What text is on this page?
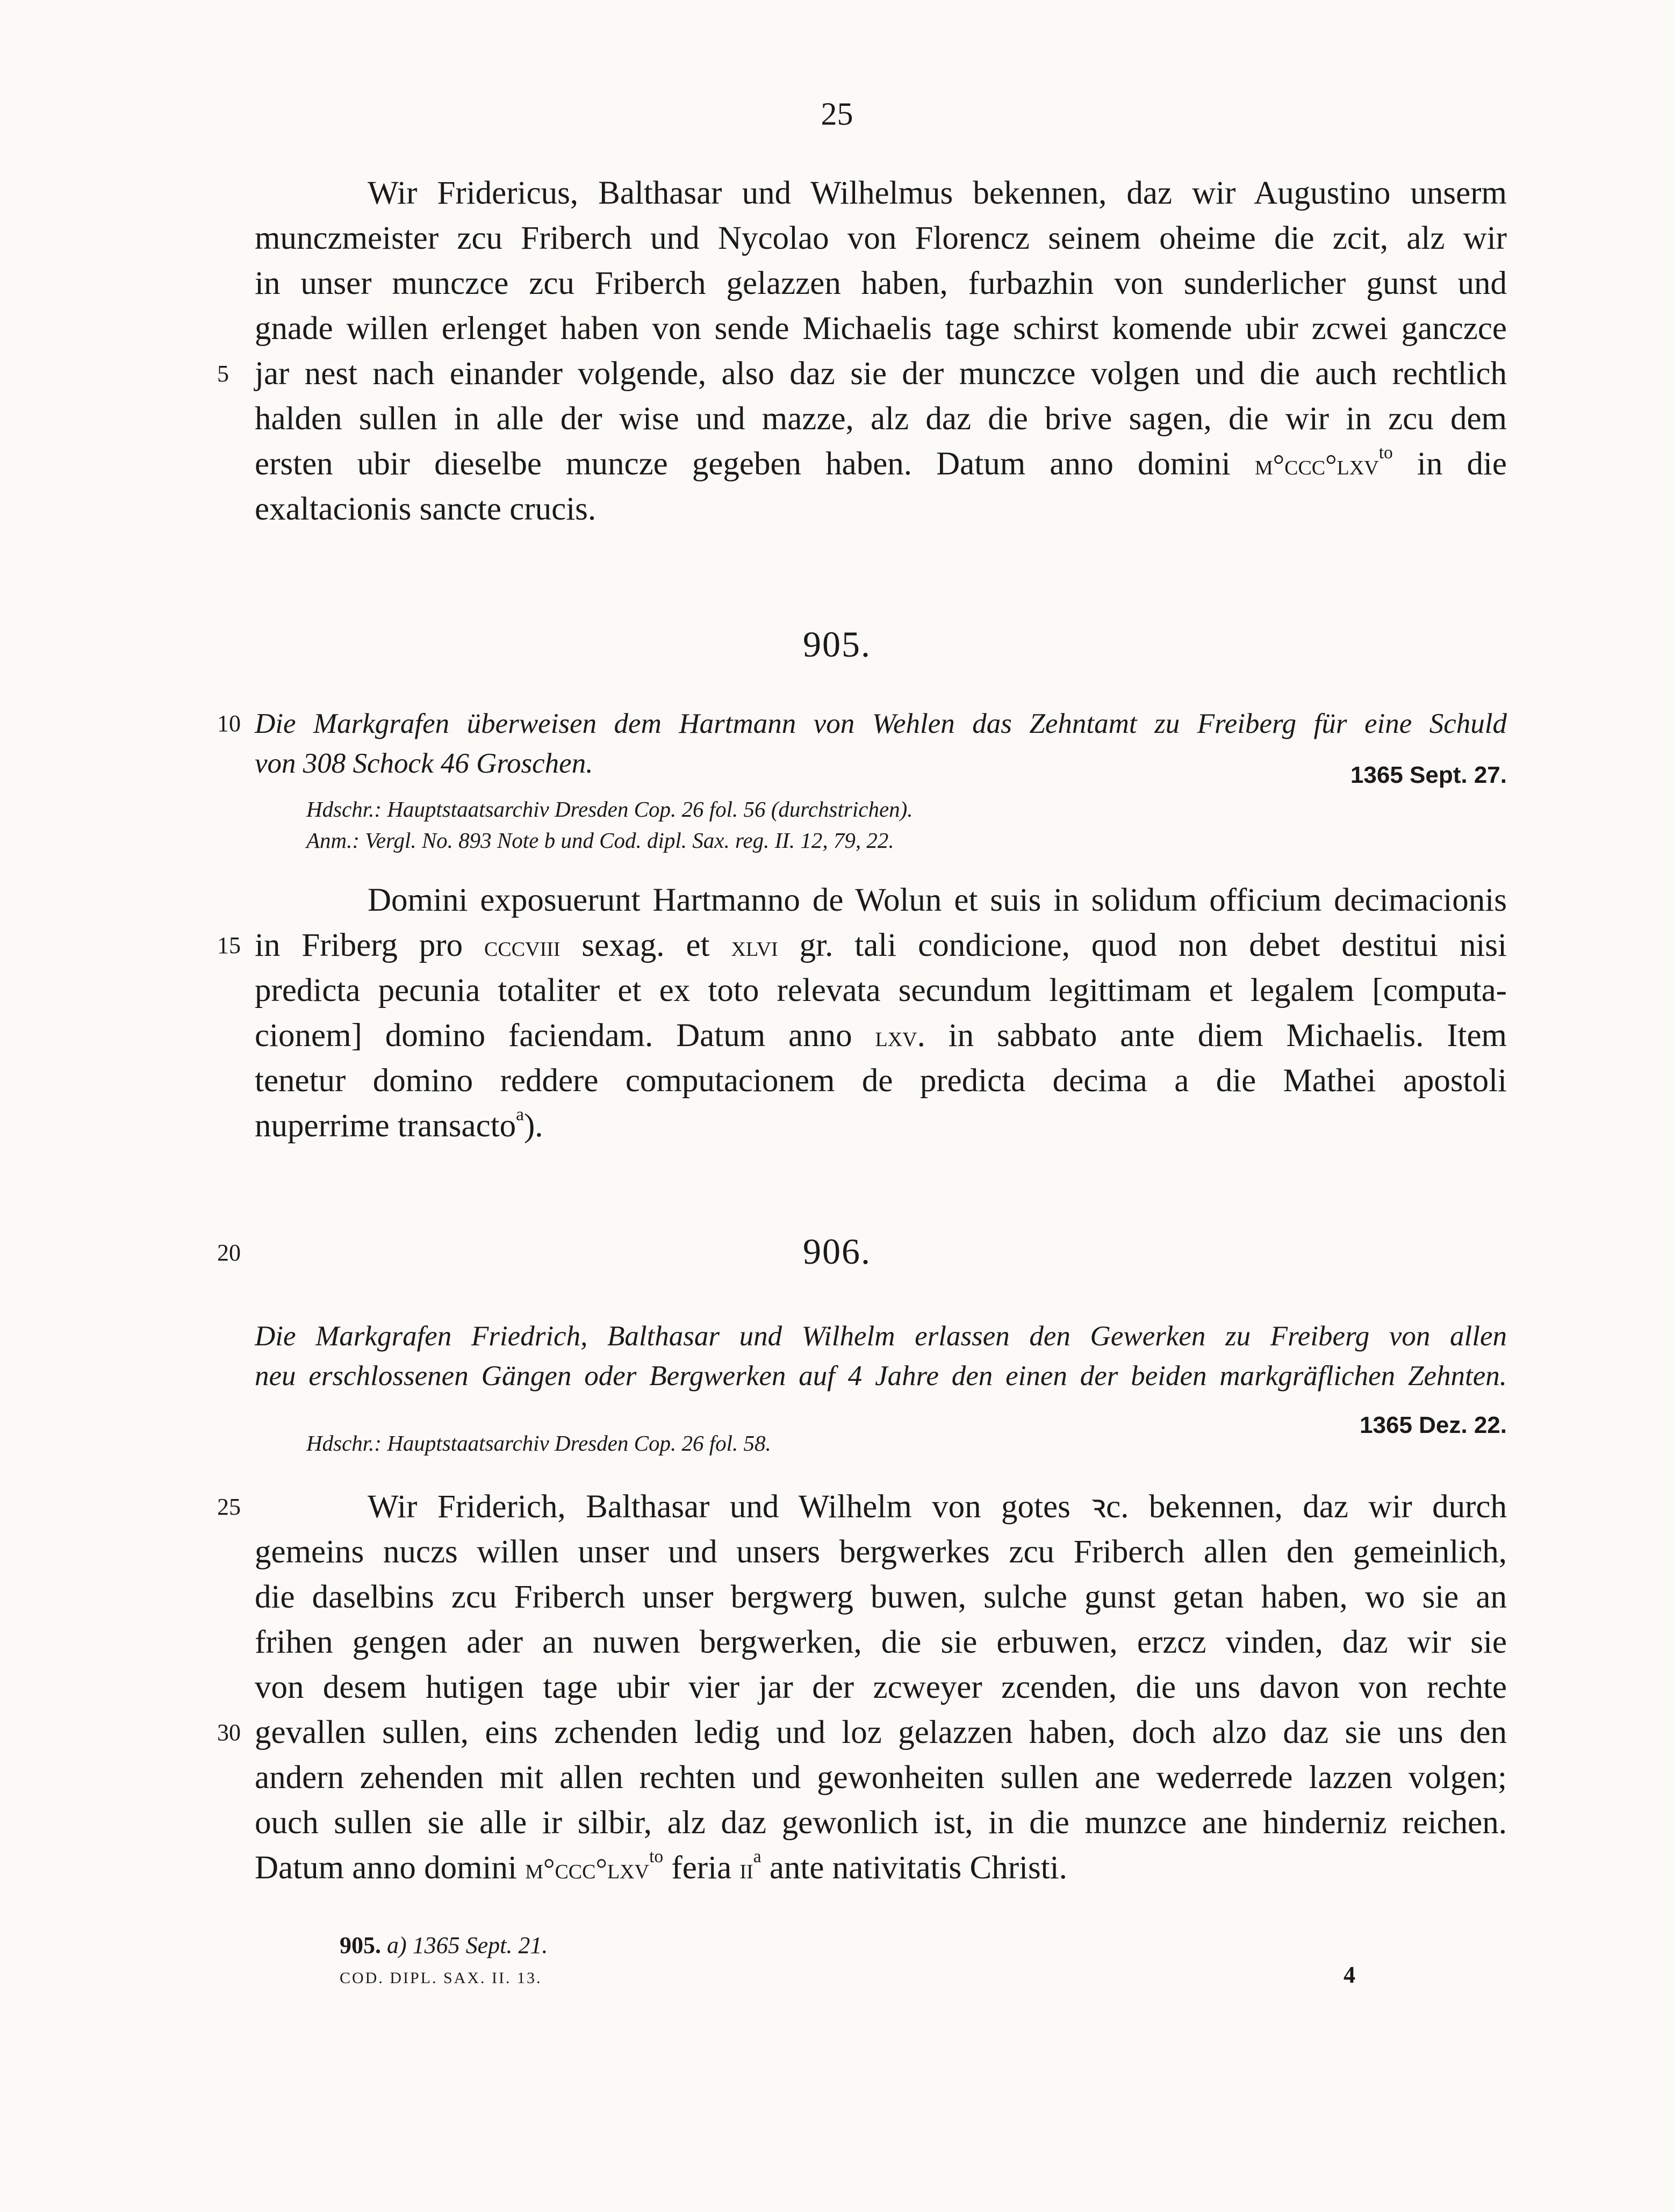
25
Wir Fridericus, Balthasar und Wilhelmus bekennen, daz wir Augustino unserm
munczmeister zcu Friberch und Nycolao von Florencz seinem oheime die zcit, alz wir
in unser munczce zcu Friberch gelazzen haben, furbazhin von sunderlicher gunst und
gnade willen erlenget haben von sende Michaelis tage schirst komende ubir zcwei ganczce
jar nest nach einander volgende, also daz sie der munczce volgen und die auch rechtlich
halden sullen in alle der wise und mazze, alz daz die brive sagen, die wir in zcu dem
ersten ubir dieselbe muncze gegeben haben. Datum anno domini m°ccc°lxv$^{to}$ in die
exaltacionis sancte crucis.
5
905.
10 Die Markgrafen überweisen dem Hartmann von Wehlen das Zehntamt zu Freiberg für eine Schuld
von 308 Schock 46 Groschen.	1365 Sept. 27.
Hdschr.: Hauptstaatsarchiv Dresden Cop. 26 fol. 56 (durchstrichen).
Anm.: Vergl. No. 893 Note b und Cod. dipl. Sax. reg. II. 12, 79, 22.
Domini exposuerunt Hartmanno de Wolun et suis in solidum officium decimacionis
in Friberg pro cccviii sexag. et xlvi gr. tali condicione, quod non debet destitui nisi
predicta pecunia totaliter et ex toto relevata secundum legittimam et legalem [computa-
cionem] domino faciendam. Datum anno lxv. in sabbato ante diem Michaelis. Item
tenetur domino reddere computacionem de predicta decima a die Mathei apostoli
nuperrime transacto$^a$).
15
20	906.
Die Markgrafen Friedrich, Balthasar und Wilhelm erlassen den Gewerken zu Freiberg von allen
neu erschlossenen Gängen oder Bergwerken auf 4 Jahre den einen der beiden markgräflichen Zehnten.
1365 Dez. 22.
Hdschr.: Hauptstaatsarchiv Dresden Cop. 26 fol. 58.
Wir Friderich, Balthasar und Wilhelm von gotes ꝛc. bekennen, daz wir durch
gemeins nuczs willen unser und unsers bergwerkes zcu Friberch allen den gemeinlich,
die daselbins zcu Friberch unser bergwerg buwen, sulche gunst getan haben, wo sie an
frihen gengen ader an nuwen bergwerken, die sie erbuwen, erzcz vinden, daz wir sie
von desem hutigen tage ubir vier jar der zcweyer zcenden, die uns davon von rechte
gevallen sullen, eins zchenden ledig und loz gelazzen haben, doch alzo daz sie uns den
andern zehenden mit allen rechten und gewonheiten sullen ane wederrede lazzen volgen;
ouch sullen sie alle ir silbir, alz daz gewonlich ist, in die munzce ane hinderniz reichen.
Datum anno domini m°ccc°lxv$^{to}$ feria $ii^a$ ante nativitatis Christi.
25
30
905. a) 1365 Sept. 21.
COD. DIPL. SAX. II. 13.	4
